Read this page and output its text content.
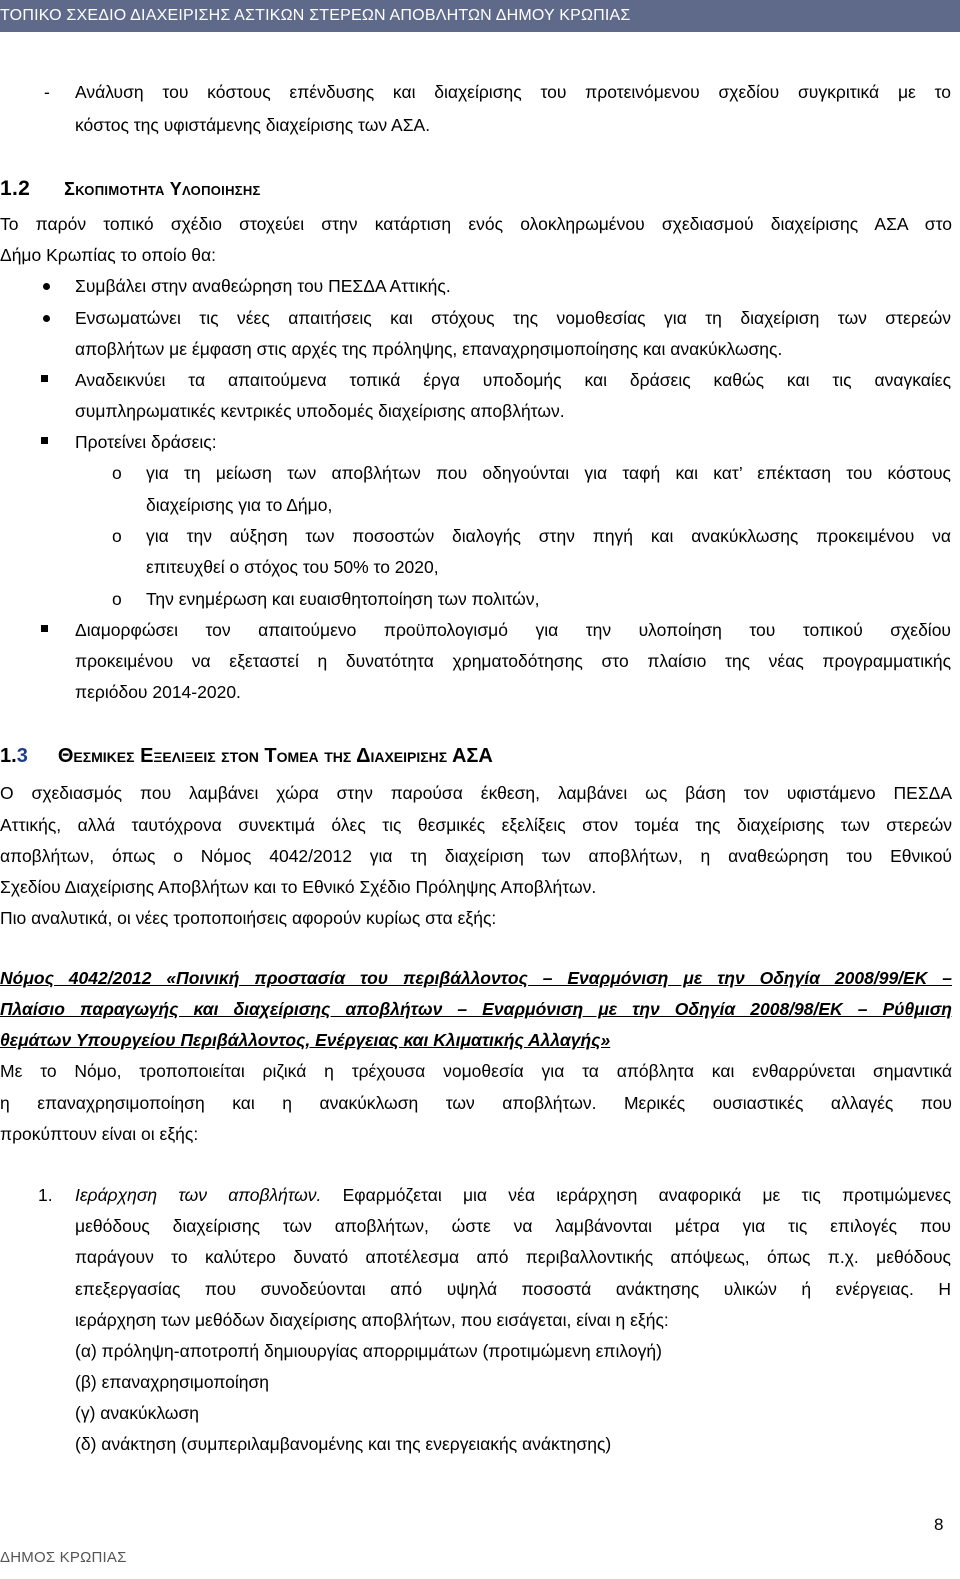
ΤΟΠΙΚΟ ΣΧΕΔΙΟ ΔΙΑΧΕΙΡΙΣΗΣ ΑΣΤΙΚΩΝ ΣΤΕΡΕΩΝ ΑΠΟΒΛΗΤΩΝ ΔΗΜΟΥ ΚΡΩΠΙΑΣ
- Ανάλυση του κόστους επένδυσης και διαχείρισης του προτεινόμενου σχεδίου συγκριτικά με το
κόστος της υφιστάμενης διαχείρισης των ΑΣΑ.
1.2 Σκοπιμοτητα Υλοποιησης
Το παρόν τοπικό σχέδιο στοχεύει στην κατάρτιση ενός ολοκληρωμένου σχεδιασμού διαχείρισης ΑΣΑ στο
Δήμο Κρωπίας το οποίο θα:
Συμβάλει στην αναθεώρηση του ΠΕΣΔΑ Αττικής.
Ενσωματώνει τις νέες απαιτήσεις και στόχους της νομοθεσίας για τη διαχείριση των στερεών
αποβλήτων με έμφαση στις αρχές της πρόληψης, επαναχρησιμοποίησης και ανακύκλωσης.
Αναδεικνύει τα απαιτούμενα τοπικά έργα υποδομής και δράσεις καθώς και τις αναγκαίες
συμπληρωματικές κεντρικές υποδομές διαχείρισης αποβλήτων.
Προτείνει δράσεις:
o για τη μείωση των αποβλήτων που οδηγούνται για ταφή και κατ’ επέκταση του κόστους
διαχείρισης για το Δήμο,
o για την αύξηση των ποσοστών διαλογής στην πηγή και ανακύκλωσης προκειμένου να
επιτευχθεί ο στόχος του 50% το 2020,
o Την ενημέρωση και ευαισθητοποίηση των πολιτών,
Διαμορφώσει τον απαιτούμενο προϋπολογισμό για την υλοποίηση του τοπικού σχεδίου
προκειμένου να εξεταστεί η δυνατότητα χρηματοδότησης στο πλαίσιο της νέας προγραμματικής
περιόδου 2014-2020.
1.3 Θεσμικες Εξελιξεις στον Τομεα της Διαχειρισης ΑΣΑ
Ο σχεδιασμός που λαμβάνει χώρα στην παρούσα έκθεση, λαμβάνει ως βάση τον υφιστάμενο ΠΕΣΔΑ
Αττικής, αλλά ταυτόχρονα συνεκτιμά όλες τις θεσμικές εξελίξεις στον τομέα της διαχείρισης των στερεών
αποβλήτων, όπως ο Νόμος 4042/2012 για τη διαχείριση των αποβλήτων, η αναθεώρηση του Εθνικού
Σχεδίου Διαχείρισης Αποβλήτων και το Εθνικό Σχέδιο Πρόληψης Αποβλήτων.
Πιο αναλυτικά, οι νέες τροποποιήσεις αφορούν κυρίως στα εξής:
Νόμος 4042/2012 «Ποινική προστασία του περιβάλλοντος – Εναρμόνιση με την Οδηγία 2008/99/ΕΚ –
Πλαίσιο παραγωγής και διαχείρισης αποβλήτων – Εναρμόνιση με την Οδηγία 2008/98/ΕΚ – Ρύθμιση
θεμάτων Υπουργείου Περιβάλλοντος, Ενέργειας και Κλιματικής Αλλαγής»
Με το Νόμο, τροποποιείται ριζικά η τρέχουσα νομοθεσία για τα απόβλητα και ενθαρρύνεται σημαντικά
η επαναχρησιμοποίηση και η ανακύκλωση των αποβλήτων. Μερικές ουσιαστικές αλλαγές που
προκύπτουν είναι οι εξής:
1. Ιεράρχηση των αποβλήτων. Εφαρμόζεται μια νέα ιεράρχηση αναφορικά με τις προτιμώμενες
μεθόδους διαχείρισης των αποβλήτων, ώστε να λαμβάνονται μέτρα για τις επιλογές που
παράγουν το καλύτερο δυνατό αποτέλεσμα από περιβαλλοντικής απόψεως, όπως π.χ. μεθόδους
επεξεργασίας που συνοδεύονται από υψηλά ποσοστά ανάκτησης υλικών ή ενέργειας. Η
ιεράρχηση των μεθόδων διαχείρισης αποβλήτων, που εισάγεται, είναι η εξής:
(α) πρόληψη-αποτροπή δημιουργίας απορριμμάτων (προτιμώμενη επιλογή)
(β) επαναχρησιμοποίηση
(γ) ανακύκλωση
(δ) ανάκτηση (συμπεριλαμβανομένης και της ενεργειακής ανάκτησης)
8
ΔΗΜΟΣ ΚΡΩΠΙΑΣ
